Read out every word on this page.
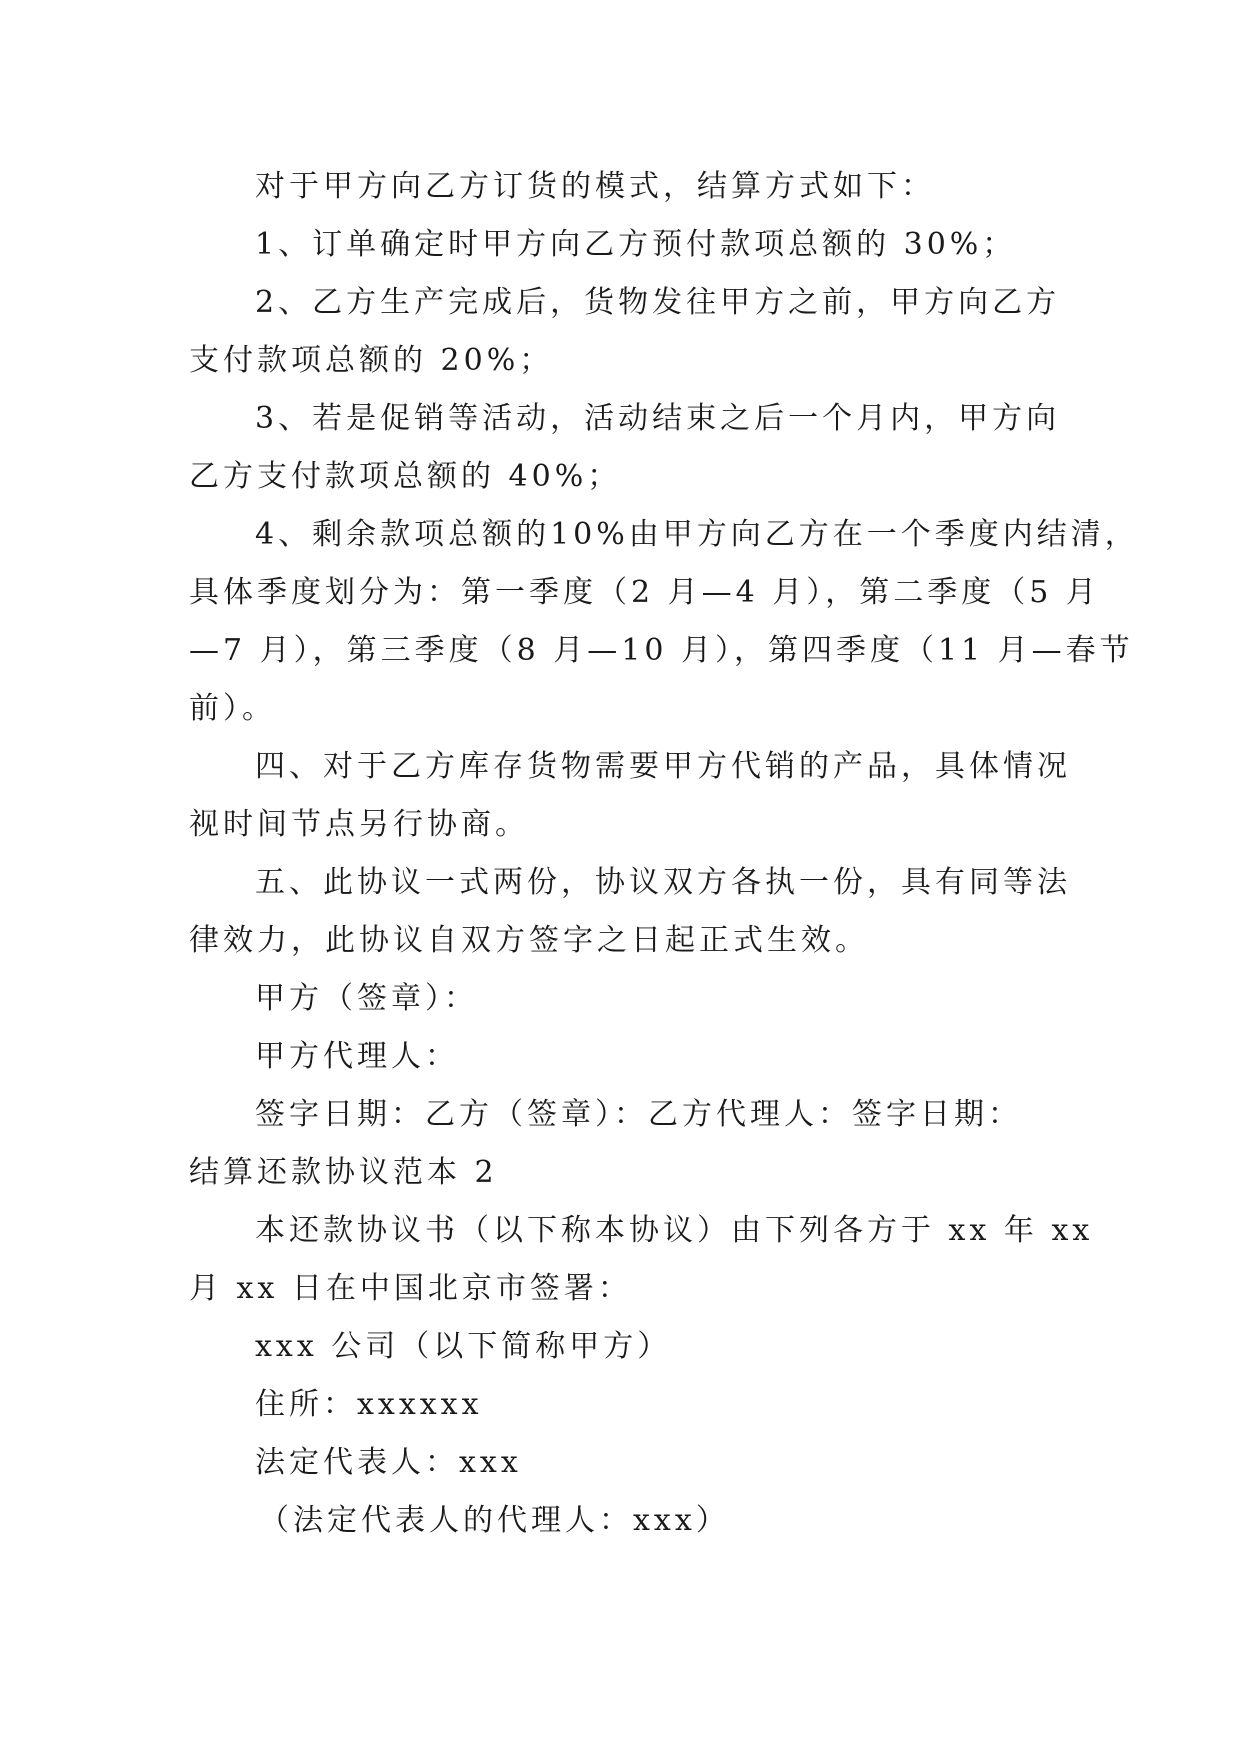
对于甲方向乙方订货的模式，结算方式如下：

1、订单确定时甲方向乙方预付款项总额的 30%；

2、乙方生产完成后，货物发往甲方之前，甲方向乙方

支付款项总额的 20%；

3、若是促销等活动，活动结束之后一个月内，甲方向

乙方支付款项总额的 40%；

4、剩余款项总额的10%由甲方向乙方在一个季度内结清，

具体季度划分为：第一季度（2 月—4 月），第二季度（5 月

—7 月），第三季度（8 月—10 月），第四季度（11 月—春节

前）。

四、对于乙方库存货物需要甲方代销的产品，具体情况

视时间节点另行协商。

五、此协议一式两份，协议双方各执一份，具有同等法

律效力，此协议自双方签字之日起正式生效。

甲方（签章）：

甲方代理人：

签字日期：乙方（签章）：乙方代理人：签字日期：

结算还款协议范本 2

本还款协议书（以下称本协议）由下列各方于 xx 年 xx

月 xx 日在中国北京市签署：

xxx 公司（以下简称甲方）

住所：xxxxxx

法定代表人：xxx

（法定代表人的代理人：xxx）
